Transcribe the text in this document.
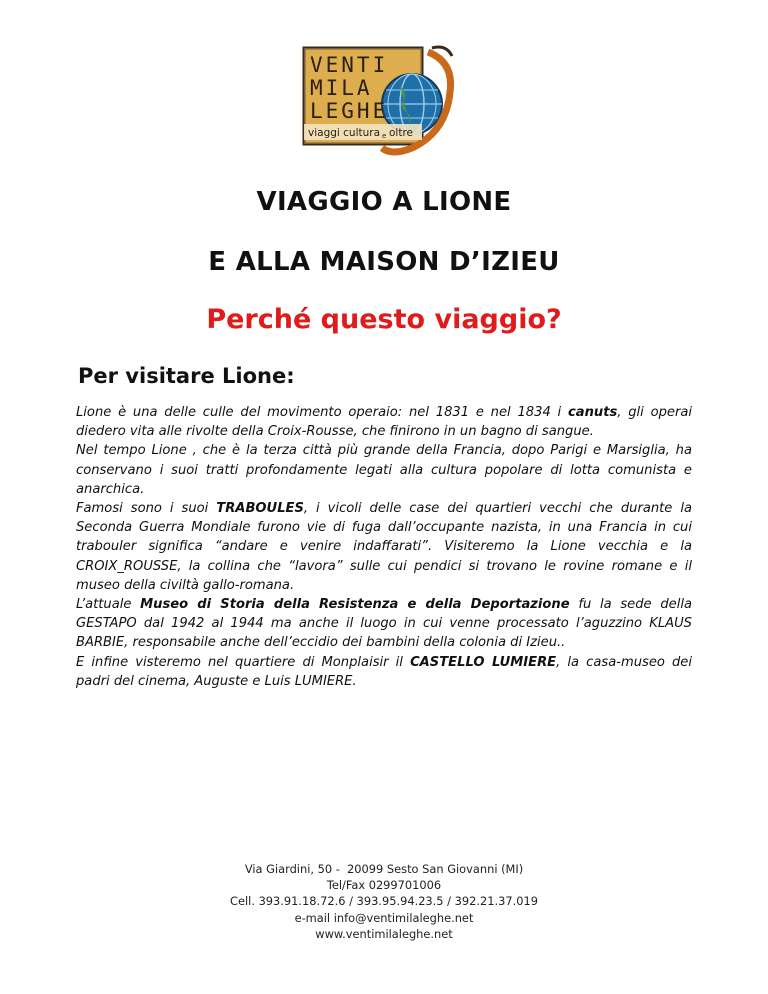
VENTI
MILA
LEGHE
viaggi cultura e oltre
VIAGGIO A LIONE
E ALLA MAISON D’IZIEU
Perché questo viaggio?
Per visitare Lione:

Lione è una delle culle del movimento operaio: nel 1831 e nel 1834 i canuts, gli operai diedero vita alle rivolte della Croix-Rousse, che finirono in un bagno di sangue.

Nel tempo Lione , che è la terza città più grande della Francia, dopo Parigi e Marsiglia, ha conservano i suoi tratti profondamente legati alla cultura popolare di lotta comunista e anarchica.

Famosi sono i suoi TRABOULES, i vicoli delle case dei quartieri vecchi che durante la Seconda Guerra Mondiale furono vie di fuga dall’occupante nazista, in una Francia in cui trabouler significa “andare e venire indaffarati”. Visiteremo la Lione vecchia e la CROIX_ROUSSE, la collina che “lavora” sulle cui pendici si trovano le rovine romane e il museo della civiltà gallo-romana.

L’attuale Museo di Storia della Resistenza e della Deportazione fu la sede della GESTAPO dal 1942 al 1944 ma anche il luogo in cui venne processato l’aguzzino KLAUS BARBIE, responsabile anche dell’eccidio dei bambini della colonia di Izieu..

E infine visteremo nel quartiere di Monplaisir il CASTELLO LUMIERE, la casa-museo dei padri del cinema, Auguste e Luis LUMIERE.

Via Giardini, 50 -  20099 Sesto San Giovanni (MI)
Tel/Fax 0299701006
Cell. 393.91.18.72.6 / 393.95.94.23.5 / 392.21.37.019
e-mail info@ventimilaleghe.net
www.ventimilaleghe.net
